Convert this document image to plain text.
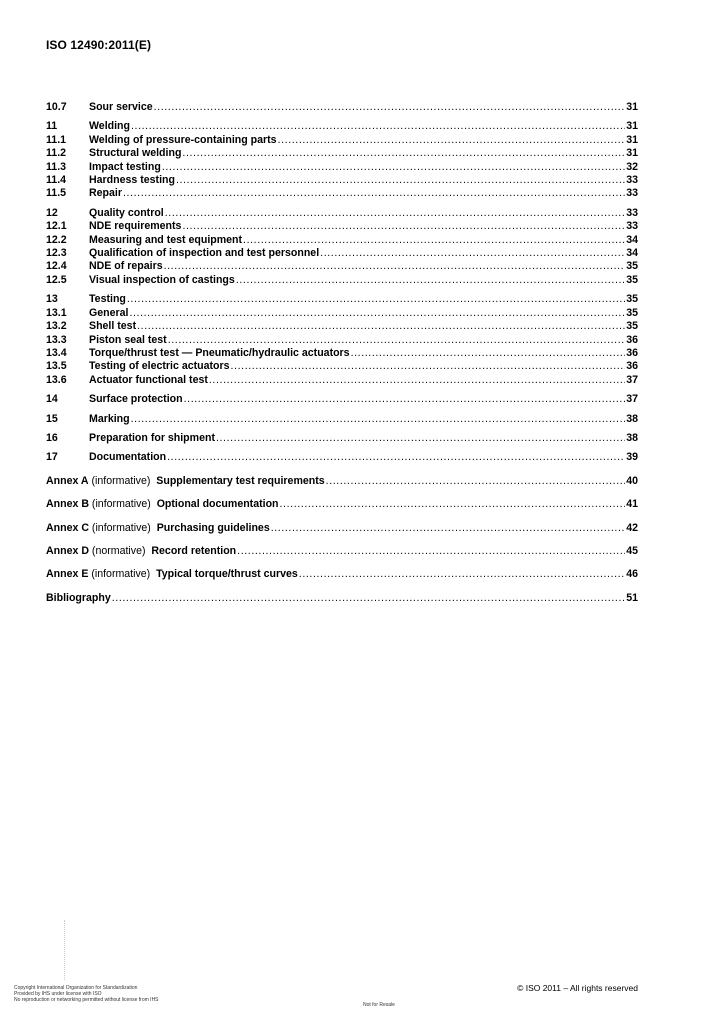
ISO 12490:2011(E)
10.7	Sour service .....	31
11	Welding .....	31
11.1	Welding of pressure-containing parts .....	31
11.2	Structural welding .....	31
11.3	Impact testing .....	32
11.4	Hardness testing .....	33
11.5	Repair .....	33
12	Quality control .....	33
12.1	NDE requirements .....	33
12.2	Measuring and test equipment .....	34
12.3	Qualification of inspection and test personnel .....	34
12.4	NDE of repairs .....	35
12.5	Visual inspection of castings .....	35
13	Testing .....	35
13.1	General .....	35
13.2	Shell test .....	35
13.3	Piston seal test .....	36
13.4	Torque/thrust test — Pneumatic/hydraulic actuators .....	36
13.5	Testing of electric actuators .....	36
13.6	Actuator functional test .....	37
14	Surface protection .....	37
15	Marking .....	38
16	Preparation for shipment .....	38
17	Documentation .....	39
Annex A (informative) Supplementary test requirements .....	40
Annex B (informative) Optional documentation .....	41
Annex C (informative) Purchasing guidelines .....	42
Annex D (normative) Record retention .....	45
Annex E (informative) Typical torque/thrust curves .....	46
Bibliography .....	51
Copyright International Organization for Standardization
Provided by IHS under license with ISO
No reproduction or networking permitted without license from IHS
Not for Resale
© ISO 2011 – All rights reserved
